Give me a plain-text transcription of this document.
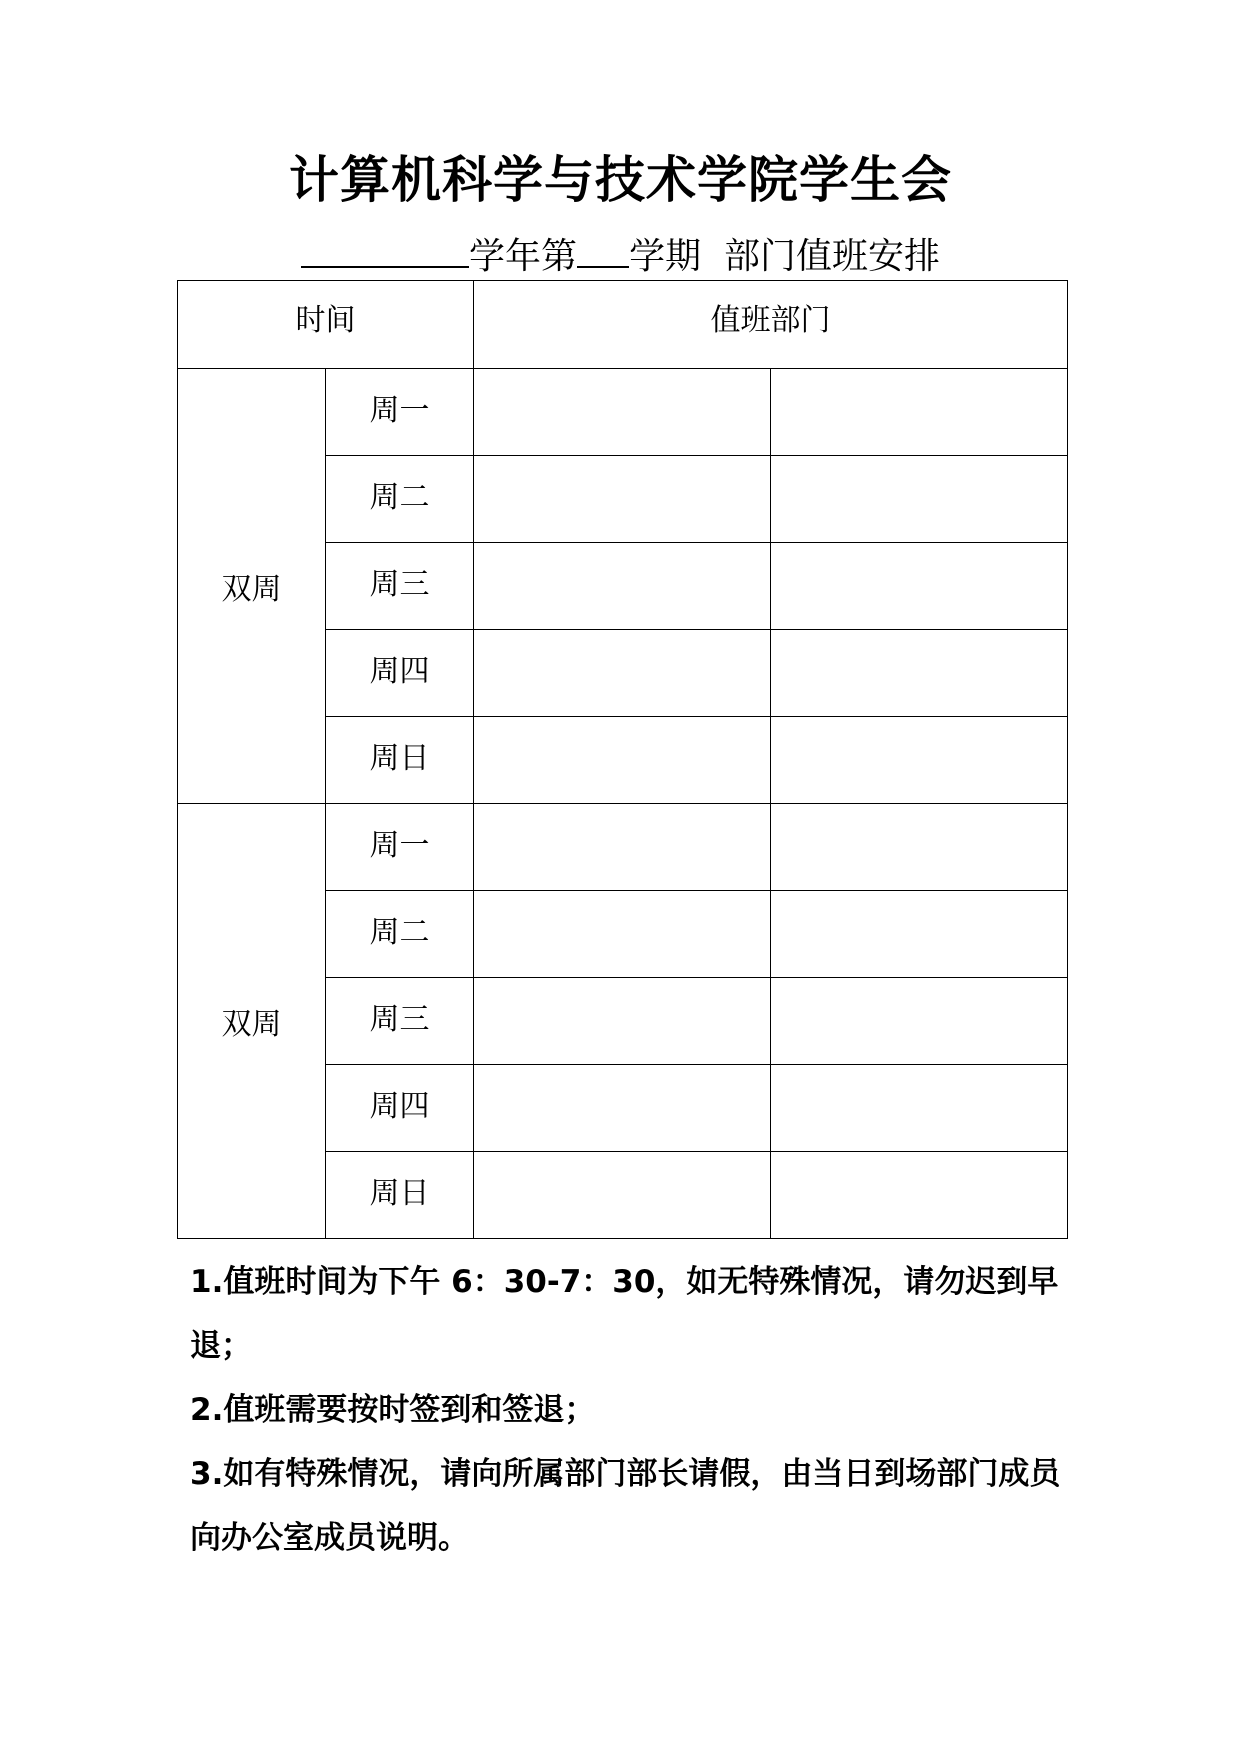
计算机科学与技术学院学生会
学年第 学期  部门值班安排
时间		值班部门	
双周	周一		
	周二		
	周三		
	周四		
	周日		
双周	周一		
	周二		
	周三		
	周四		
	周日		

1.值班时间为下午 6：30-7：30，如无特殊情况，请勿迟到早退；

2.值班需要按时签到和签退；

3.如有特殊情况，请向所属部门部长请假，由当日到场部门成员向办公室成员说明。
